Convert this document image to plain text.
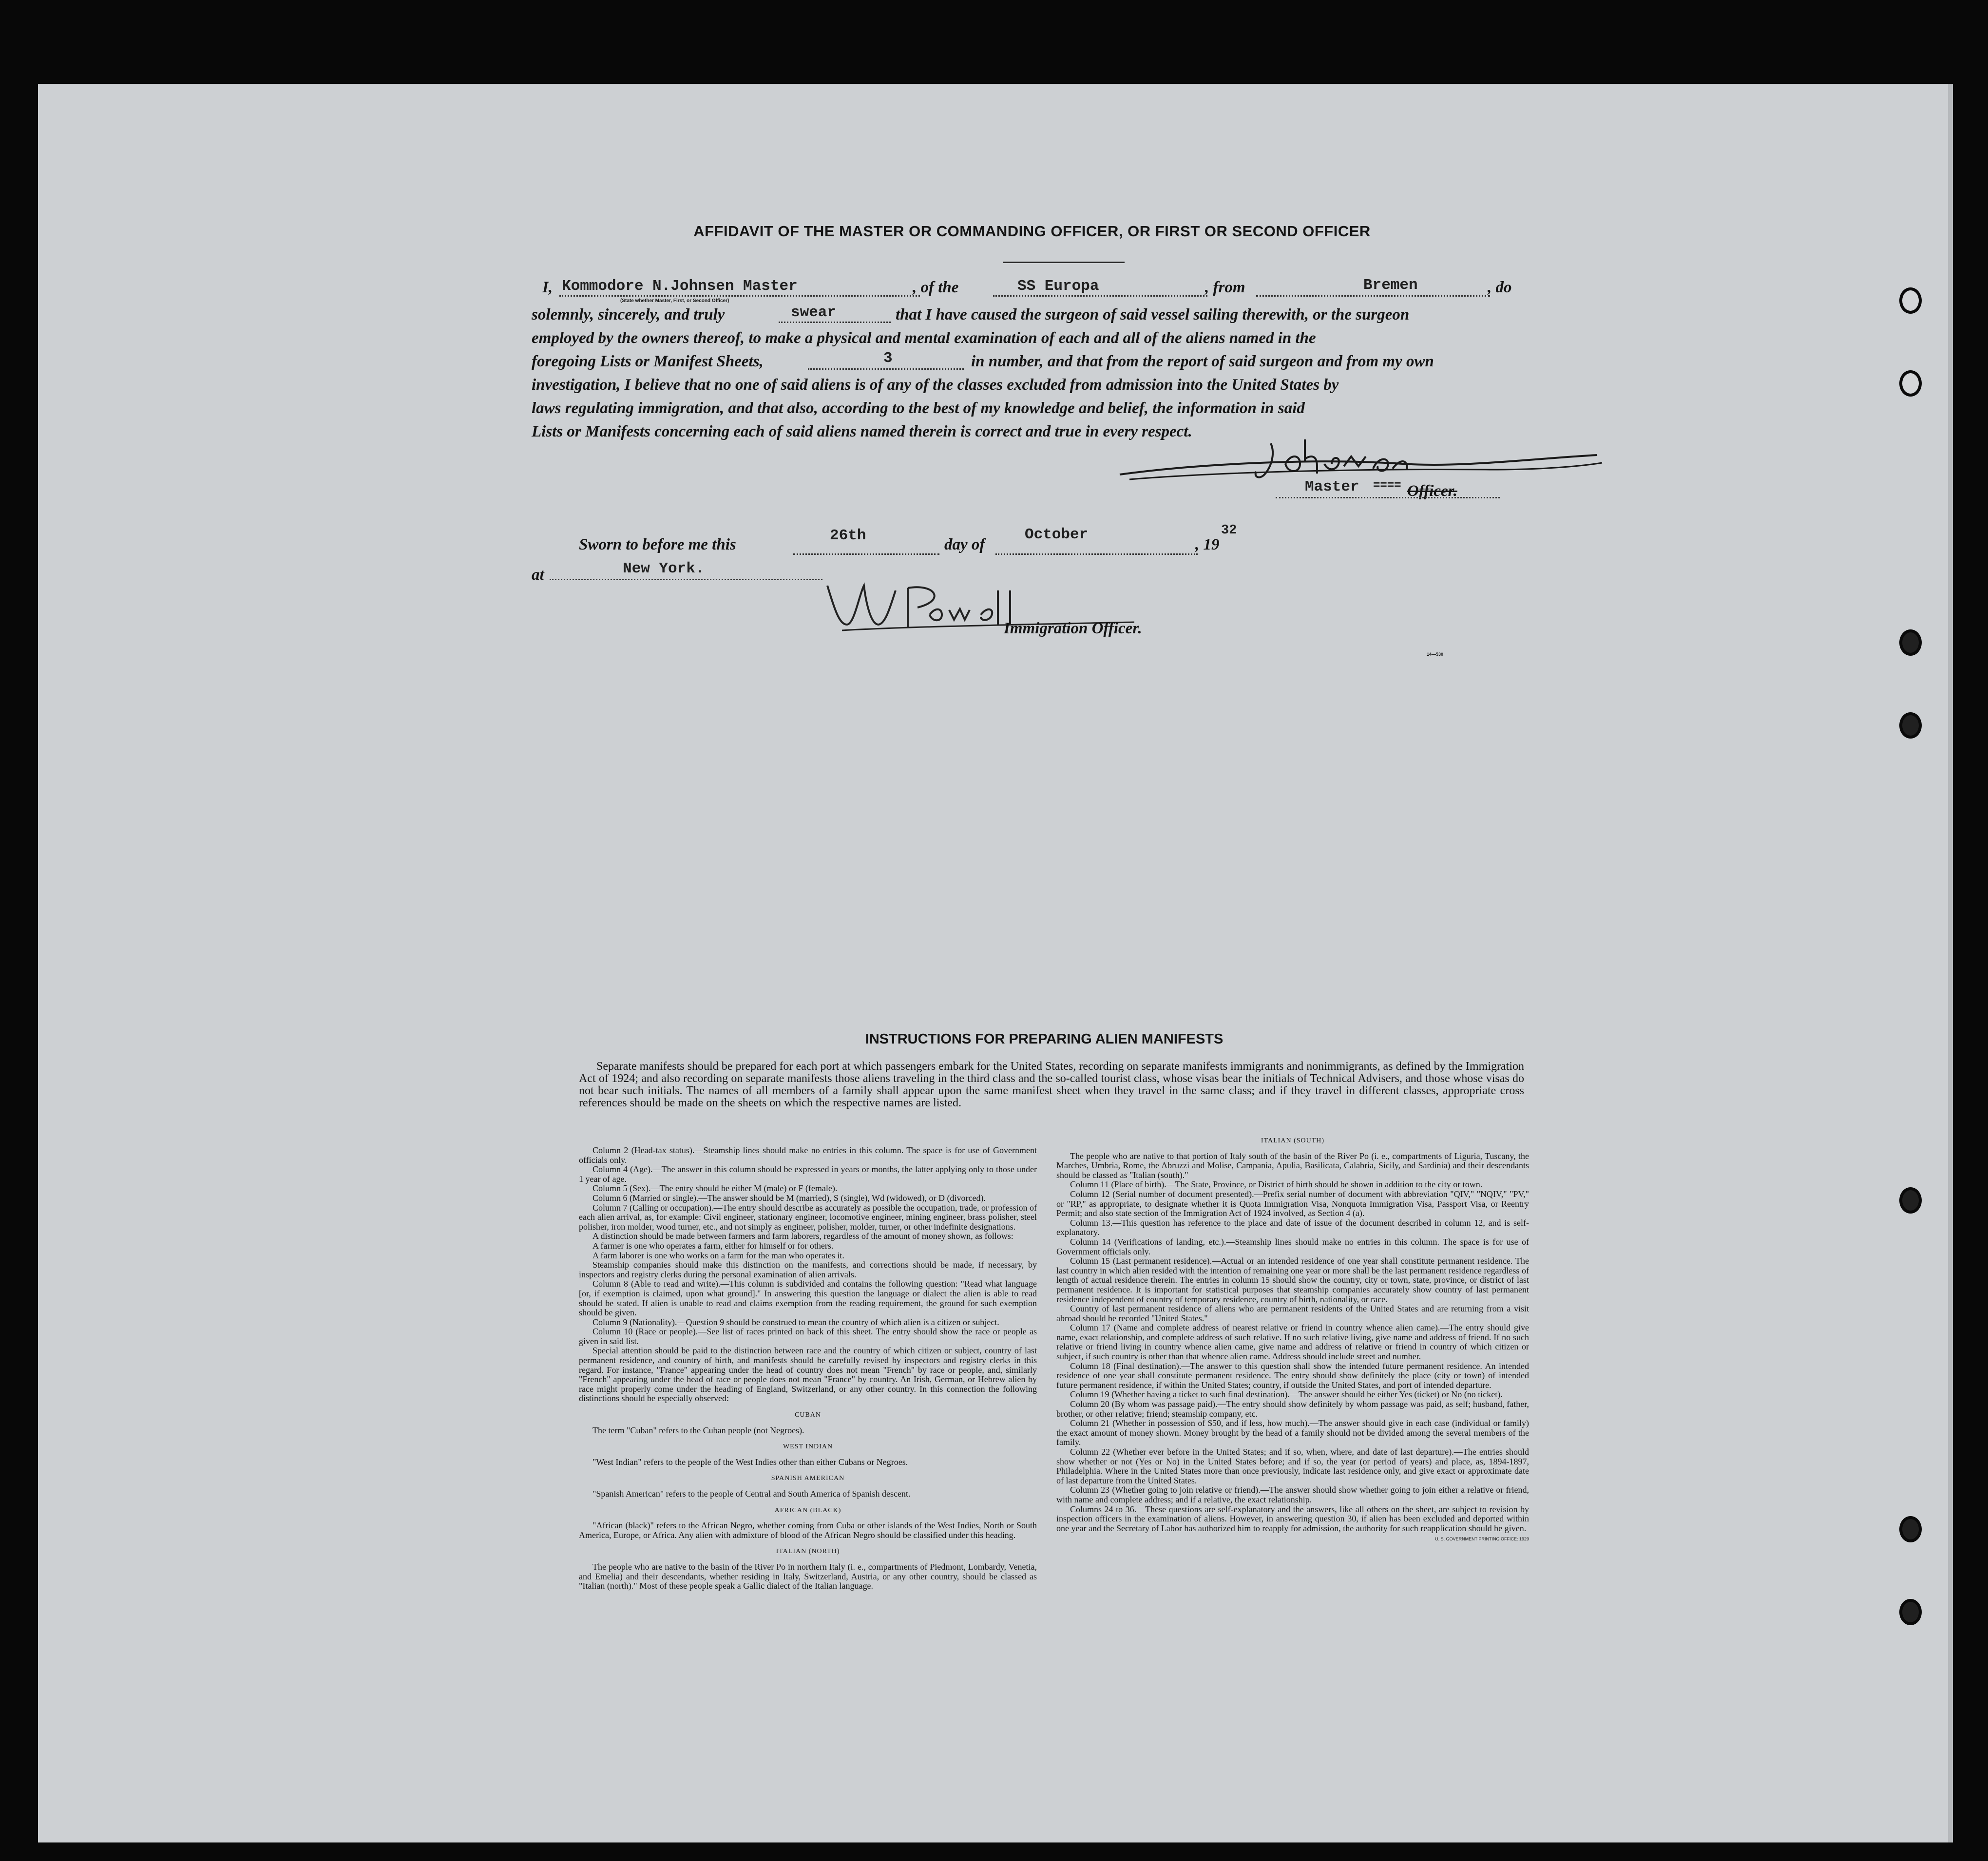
AFFIDAVIT OF THE MASTER OR COMMANDING OFFICER, OR FIRST OR SECOND OFFICER
I, Kommodore N.Johnsen Master
(State whether Master, First, or Second Officer)
, of the	SS Europa	, from	Bremen	, do
solemnly, sincerely, and truly	swear	that I have caused the surgeon of said vessel sailing therewith, or the surgeon
employed by the owners thereof, to make a physical and mental examination of each and all of the aliens named in the
foregoing Lists or Manifest Sheets,	3	in number, and that from the report of said surgeon and from my own
investigation, I believe that no one of said aliens is of any of the classes excluded from admission into the United States by
laws regulating immigration, and that also, according to the best of my knowledge and belief, the information in said
Lists or Manifests concerning each of said aliens named therein is correct and true in every respect.
Master ==== Officer.
Sworn to before me this
26th
day of
October
, 19
32
at	New York.
Immigration Officer.
14—530
INSTRUCTIONS FOR PREPARING ALIEN MANIFESTS
Separate manifests should be prepared for each port at which passengers embark for the United States, recording on separate manifests immigrants and nonimmigrants, as defined by the Immigration Act of 1924; and also recording on separate manifests those aliens traveling in the third class and the so-called tourist class, whose visas bear the initials of Technical Advisers, and those whose visas do not bear such initials. The names of all members of a family shall appear upon the same manifest sheet when they travel in the same class; and if they travel in different classes, appropriate cross references should be made on the sheets on which the respective names are listed.

Column 2 (Head-tax status).—Steamship lines should make no entries in this column. The space is for use of Government officials only.

Column 4 (Age).—The answer in this column should be expressed in years or months, the latter applying only to those under 1 year of age.

Column 5 (Sex).—The entry should be either M (male) or F (female).

Column 6 (Married or single).—The answer should be M (married), S (single), Wd (widowed), or D (divorced).

Column 7 (Calling or occupation).—The entry should describe as accurately as possible the occupation, trade, or profession of each alien arrival, as, for example: Civil engineer, stationary engineer, locomotive engineer, mining engineer, brass polisher, steel polisher, iron molder, wood turner, etc., and not simply as engineer, polisher, molder, turner, or other indefinite designations.

A distinction should be made between farmers and farm laborers, regardless of the amount of money shown, as follows:

A farmer is one who operates a farm, either for himself or for others.

A farm laborer is one who works on a farm for the man who operates it.

Steamship companies should make this distinction on the manifests, and corrections should be made, if necessary, by inspectors and registry clerks during the personal examination of alien arrivals.

Column 8 (Able to read and write).—This column is subdivided and contains the following question: "Read what language [or, if exemption is claimed, upon what ground]." In answering this question the language or dialect the alien is able to read should be stated. If alien is unable to read and claims exemption from the reading requirement, the ground for such exemption should be given.

Column 9 (Nationality).—Question 9 should be construed to mean the country of which alien is a citizen or subject.

Column 10 (Race or people).—See list of races printed on back of this sheet. The entry should show the race or people as given in said list.

Special attention should be paid to the distinction between race and the country of which citizen or subject, country of last permanent residence, and country of birth, and manifests should be carefully revised by inspectors and registry clerks in this regard. For instance, "France" appearing under the head of country does not mean "French" by race or people, and, similarly "French" appearing under the head of race or people does not mean "France" by country. An Irish, German, or Hebrew alien by race might properly come under the heading of England, Switzerland, or any other country. In this connection the following distinctions should be especially observed:

CUBAN

The term "Cuban" refers to the Cuban people (not Negroes).

WEST INDIAN

"West Indian" refers to the people of the West Indies other than either Cubans or Negroes.

SPANISH AMERICAN

"Spanish American" refers to the people of Central and South America of Spanish descent.

AFRICAN (BLACK)

"African (black)" refers to the African Negro, whether coming from Cuba or other islands of the West Indies, North or South America, Europe, or Africa. Any alien with admixture of blood of the African Negro should be classified under this heading.

ITALIAN (NORTH)

The people who are native to the basin of the River Po in northern Italy (i. e., compartments of Piedmont, Lombardy, Venetia, and Emelia) and their descendants, whether residing in Italy, Switzerland, Austria, or any other country, should be classed as "Italian (north)." Most of these people speak a Gallic dialect of the Italian language.

ITALIAN (SOUTH)

The people who are native to that portion of Italy south of the basin of the River Po (i. e., compartments of Liguria, Tuscany, the Marches, Umbria, Rome, the Abruzzi and Molise, Campania, Apulia, Basilicata, Calabria, Sicily, and Sardinia) and their descendants should be classed as "Italian (south)."

Column 11 (Place of birth).—The State, Province, or District of birth should be shown in addition to the city or town.

Column 12 (Serial number of document presented).—Prefix serial number of document with abbreviation "QIV," "NQIV," "PV," or "RP," as appropriate, to designate whether it is Quota Immigration Visa, Nonquota Immigration Visa, Passport Visa, or Reentry Permit; and also state section of the Immigration Act of 1924 involved, as Section 4 (a).

Column 13.—This question has reference to the place and date of issue of the document described in column 12, and is self-explanatory.

Column 14 (Verifications of landing, etc.).—Steamship lines should make no entries in this column. The space is for use of Government officials only.

Column 15 (Last permanent residence).—Actual or an intended residence of one year shall constitute permanent residence. The last country in which alien resided with the intention of remaining one year or more shall be the last permanent residence regardless of length of actual residence therein. The entries in column 15 should show the country, city or town, state, province, or district of last permanent residence. It is important for statistical purposes that steamship companies accurately show country of last permanent residence independent of country of temporary residence, country of birth, nationality, or race.

Country of last permanent residence of aliens who are permanent residents of the United States and are returning from a visit abroad should be recorded "United States."

Column 17 (Name and complete address of nearest relative or friend in country whence alien came).—The entry should give name, exact relationship, and complete address of such relative. If no such relative living, give name and address of friend. If no such relative or friend living in country whence alien came, give name and address of relative or friend in country of which citizen or subject, if such country is other than that whence alien came. Address should include street and number.

Column 18 (Final destination).—The answer to this question shall show the intended future permanent residence. An intended residence of one year shall constitute permanent residence. The entry should show definitely the place (city or town) of intended future permanent residence, if within the United States; country, if outside the United States, and port of intended departure.

Column 19 (Whether having a ticket to such final destination).—The answer should be either Yes (ticket) or No (no ticket).

Column 20 (By whom was passage paid).—The entry should show definitely by whom passage was paid, as self; husband, father, brother, or other relative; friend; steamship company, etc.

Column 21 (Whether in possession of $50, and if less, how much).—The answer should give in each case (individual or family) the exact amount of money shown. Money brought by the head of a family should not be divided among the several members of the family.

Column 22 (Whether ever before in the United States; and if so, when, where, and date of last departure).—The entries should show whether or not (Yes or No) in the United States before; and if so, the year (or period of years) and place, as, 1894-1897, Philadelphia. Where in the United States more than once previously, indicate last residence only, and give exact or approximate date of last departure from the United States.

Column 23 (Whether going to join relative or friend).—The answer should show whether going to join either a relative or friend, with name and complete address; and if a relative, the exact relationship.

Columns 24 to 36.—These questions are self-explanatory and the answers, like all others on the sheet, are subject to revision by inspection officers in the examination of aliens. However, in answering question 30, if alien has been excluded and deported within one year and the Secretary of Labor has authorized him to reapply for admission, the authority for such reapplication should be given.

U. S. GOVERNMENT PRINTING OFFICE: 1929
